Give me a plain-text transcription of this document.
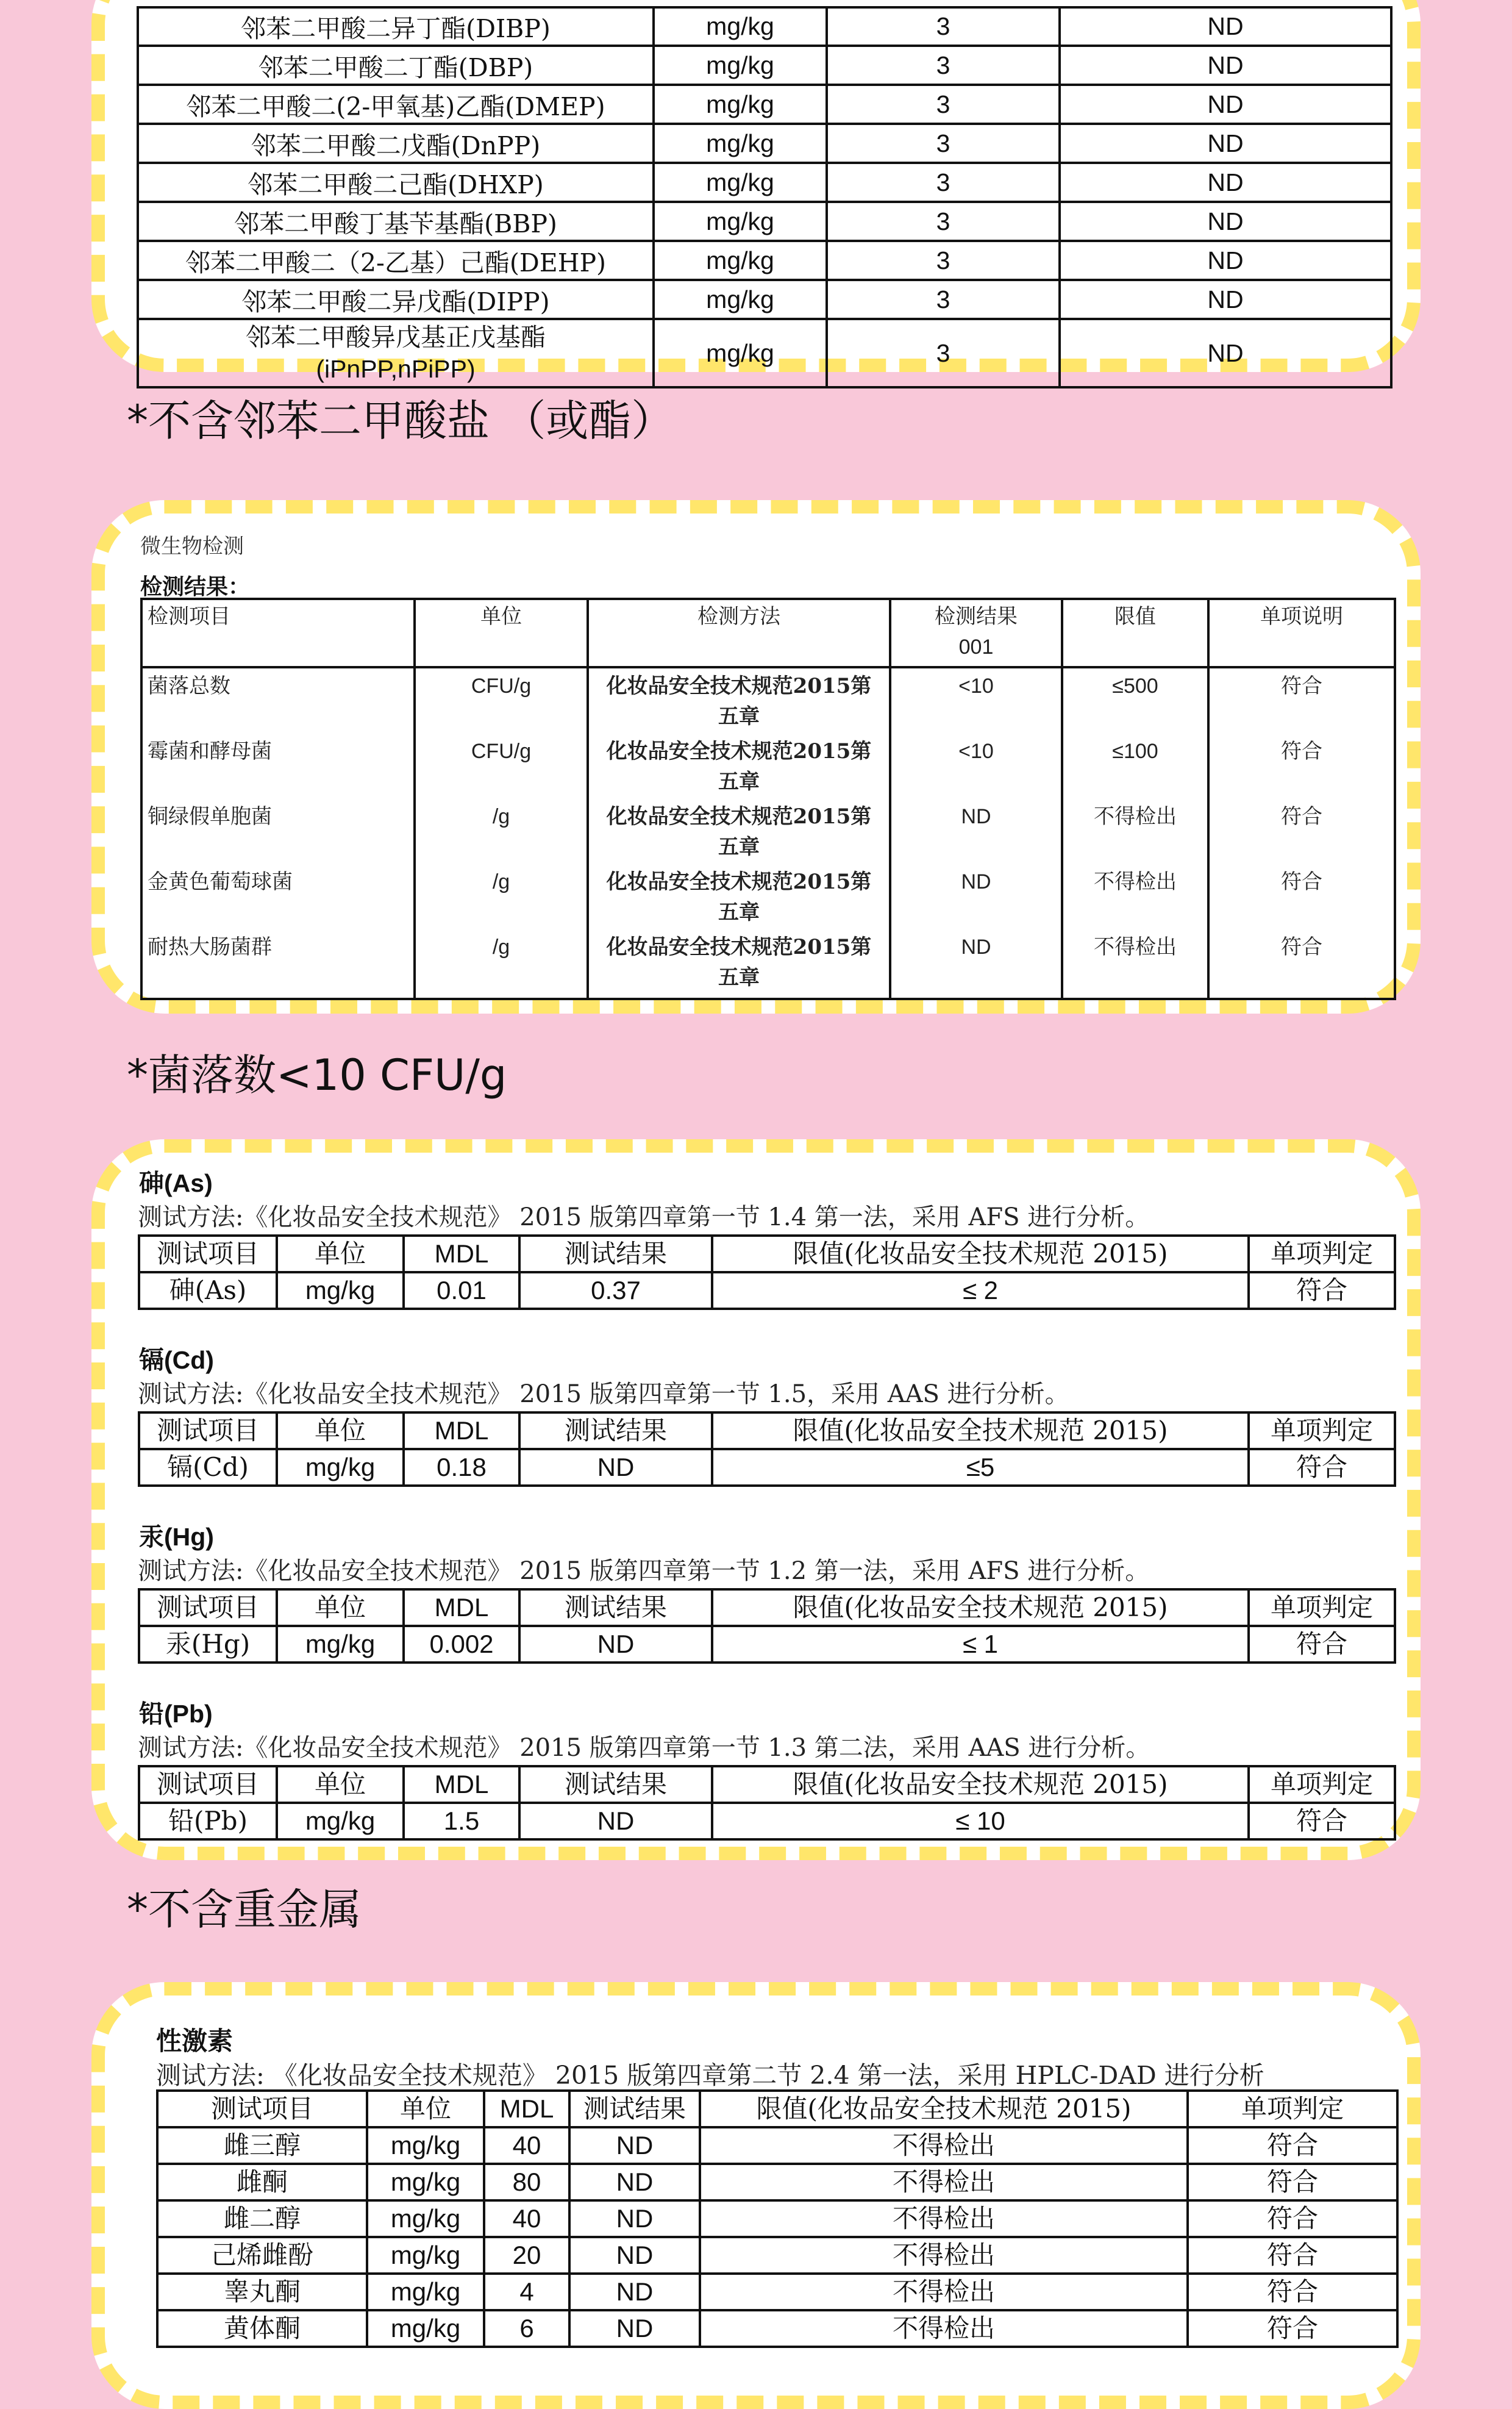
邻苯二甲酸二异丁酯(DIBP)	mg/kg	3	ND
邻苯二甲酸二丁酯(DBP)	mg/kg	3	ND
邻苯二甲酸二(2-甲氧基)乙酯(DMEP)	mg/kg	3	ND
邻苯二甲酸二戊酯(DnPP)	mg/kg	3	ND
邻苯二甲酸二己酯(DHXP)	mg/kg	3	ND
邻苯二甲酸丁基苄基酯(BBP)	mg/kg	3	ND
邻苯二甲酸二（2-乙基）己酯(DEHP)	mg/kg	3	ND
邻苯二甲酸二异戊酯(DIPP)	mg/kg	3	ND

邻苯二甲酸异戊基正戊基酯
(iPnPP,nPiPP)	mg/kg	3	ND
*不含邻苯二甲酸盐 （或酯）
微生物检测
检测结果：
检测项目	单位	检测方法	检测结果
001	限值	单项说明
菌落总数	CFU/g	化妆品安全技术规范2015第
五章	<10	≤500	符合
霉菌和酵母菌	CFU/g	化妆品安全技术规范2015第
五章	<10	≤100	符合
铜绿假单胞菌	/g	化妆品安全技术规范2015第
五章	ND	不得检出	符合
金黄色葡萄球菌	/g	化妆品安全技术规范2015第
五章	ND	不得检出	符合
耐热大肠菌群	/g	化妆品安全技术规范2015第
五章	ND	不得检出	符合
*菌落数<10 CFU/g
砷(As)
测试方法:《化妆品安全技术规范》 2015 版第四章第一节 1.4 第一法，采用 AFS 进行分析。
测试项目	单位	MDL	测试结果	限值(化妆品安全技术规范 2015)	单项判定
砷(As)	mg/kg	0.01	0.37	≤ 2	符合
镉(Cd)
测试方法:《化妆品安全技术规范》 2015 版第四章第一节 1.5，采用 AAS 进行分析。
测试项目	单位	MDL	测试结果	限值(化妆品安全技术规范 2015)	单项判定
镉(Cd)	mg/kg	0.18	ND	≤5	符合
汞(Hg)
测试方法:《化妆品安全技术规范》 2015 版第四章第一节 1.2 第一法，采用 AFS 进行分析。
测试项目	单位	MDL	测试结果	限值(化妆品安全技术规范 2015)	单项判定
汞(Hg)	mg/kg	0.002	ND	≤ 1	符合
铅(Pb)
测试方法:《化妆品安全技术规范》 2015 版第四章第一节 1.3 第二法，采用 AAS 进行分析。
测试项目	单位	MDL	测试结果	限值(化妆品安全技术规范 2015)	单项判定
铅(Pb)	mg/kg	1.5	ND	≤ 10	符合
*不含重金属
性激素
测试方法: 《化妆品安全技术规范》 2015 版第四章第二节 2.4 第一法，采用 HPLC-DAD 进行分析
测试项目	单位	MDL	测试结果	限值(化妆品安全技术规范 2015)	单项判定
雌三醇	mg/kg	40	ND	不得检出	符合
雌酮	mg/kg	80	ND	不得检出	符合
雌二醇	mg/kg	40	ND	不得检出	符合
己烯雌酚	mg/kg	20	ND	不得检出	符合
睾丸酮	mg/kg	4	ND	不得检出	符合
黄体酮	mg/kg	6	ND	不得检出	符合
